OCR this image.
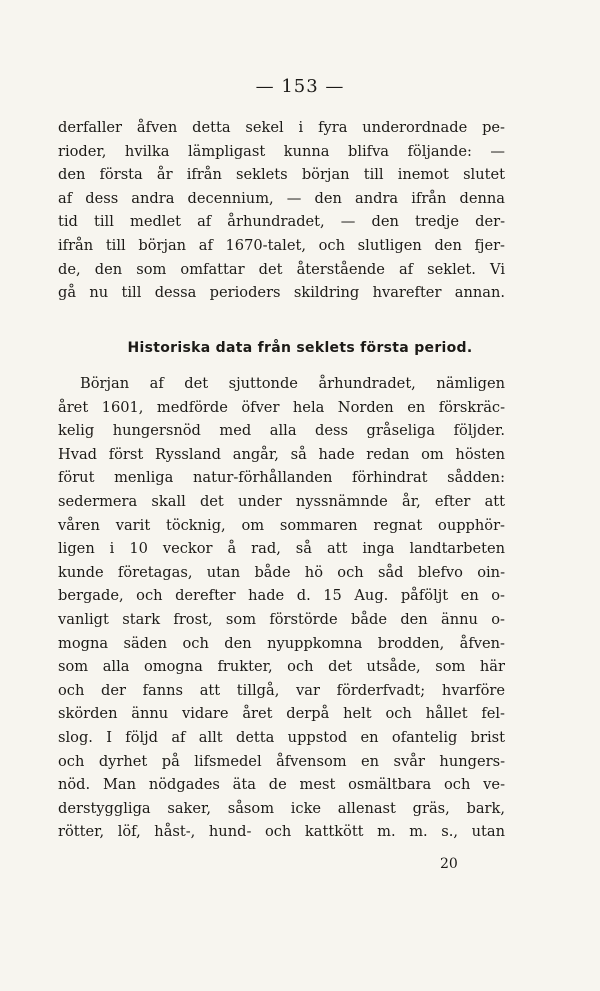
— 153 —
derfaller åfven detta sekel i fyra underordnade pe-
rioder, hvilka lämpligast kunna blifva följande: —
den första år ifrån seklets början till inemot slutet
af dess andra decennium, — den andra ifrån denna
tid till medlet af århundradet, — den tredje der-
ifrån till början af 1670-talet, och slutligen den fjer-
de, den som omfattar det återstående af seklet. Vi
gå nu till dessa perioders skildring hvarefter annan.
Historiska data från seklets första period.
Början af det sjuttonde århundradet, nämligen
året 1601, medförde öfver hela Norden en förskräc-
kelig hungersnöd med alla dess gråseliga följder.
Hvad först Ryssland angår, så hade redan om hösten
förut menliga natur-förhållanden förhindrat sådden:
sedermera skall det under nyssnämnde år, efter att
våren varit töcknig, om sommaren regnat oupphör-
ligen i 10 veckor å rad, så att inga landtarbeten
kunde företagas, utan både hö och såd blefvo oin-
bergade, och derefter hade d. 15 Aug. påföljt en o-
vanligt stark frost, som förstörde både den ännu o-
mogna säden och den nyuppkomna brodden, åfven-
som alla omogna frukter, och det utsåde, som här
och der fanns att tillgå, var förderfvadt; hvarföre
skörden ännu vidare året derpå helt och hållet fel-
slog. I följd af allt detta uppstod en ofantelig brist
och dyrhet på lifsmedel åfvensom en svår hungers-
nöd. Man nödgades äta de mest osmältbara och ve-
derstyggliga saker, såsom icke allenast gräs, bark,
rötter, löf, håst-, hund- och kattkött m. m. s., utan
20
